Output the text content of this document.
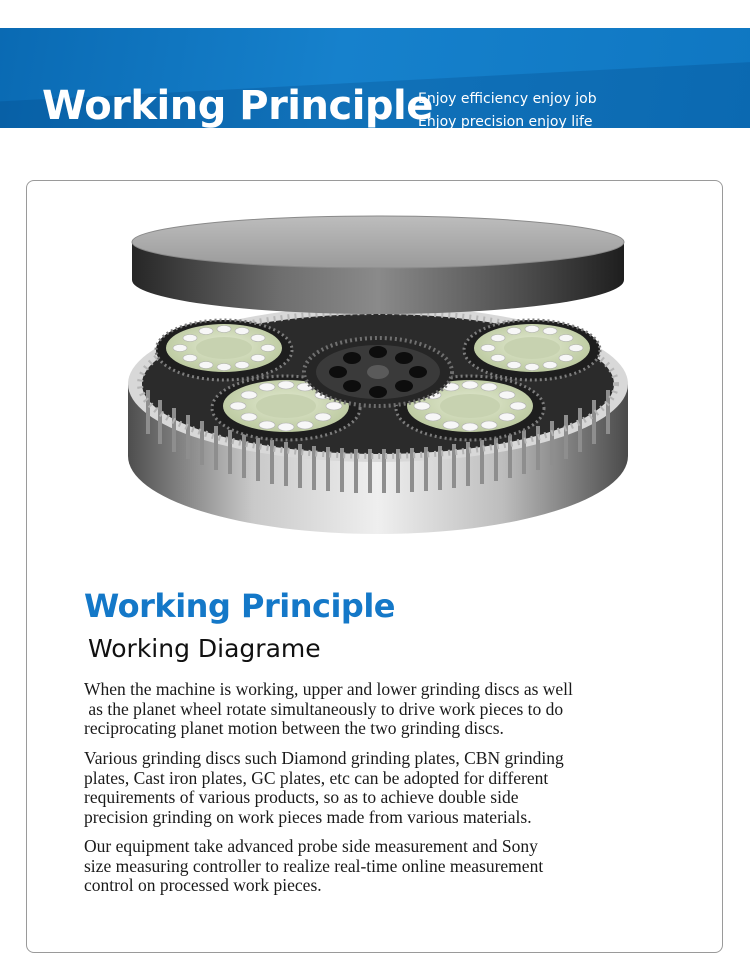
Working Principle
Enjoy efficiency enjoy job
Enjoy precision enjoy life
Working Principle
Working Diagrame

When the machine is working, upper and lower grinding discs as well
as the planet wheel rotate simultaneously to drive work pieces to do
reciprocating planet motion between the two grinding discs.

Various grinding discs such Diamond grinding plates, CBN grinding
plates, Cast iron plates, GC plates, etc can be adopted for different
requirements of various products, so as to achieve double side
precision grinding on work pieces made from various materials.

Our equipment take advanced probe side measurement and Sony
size measuring controller to realize real-time online measurement
control on processed work pieces.
